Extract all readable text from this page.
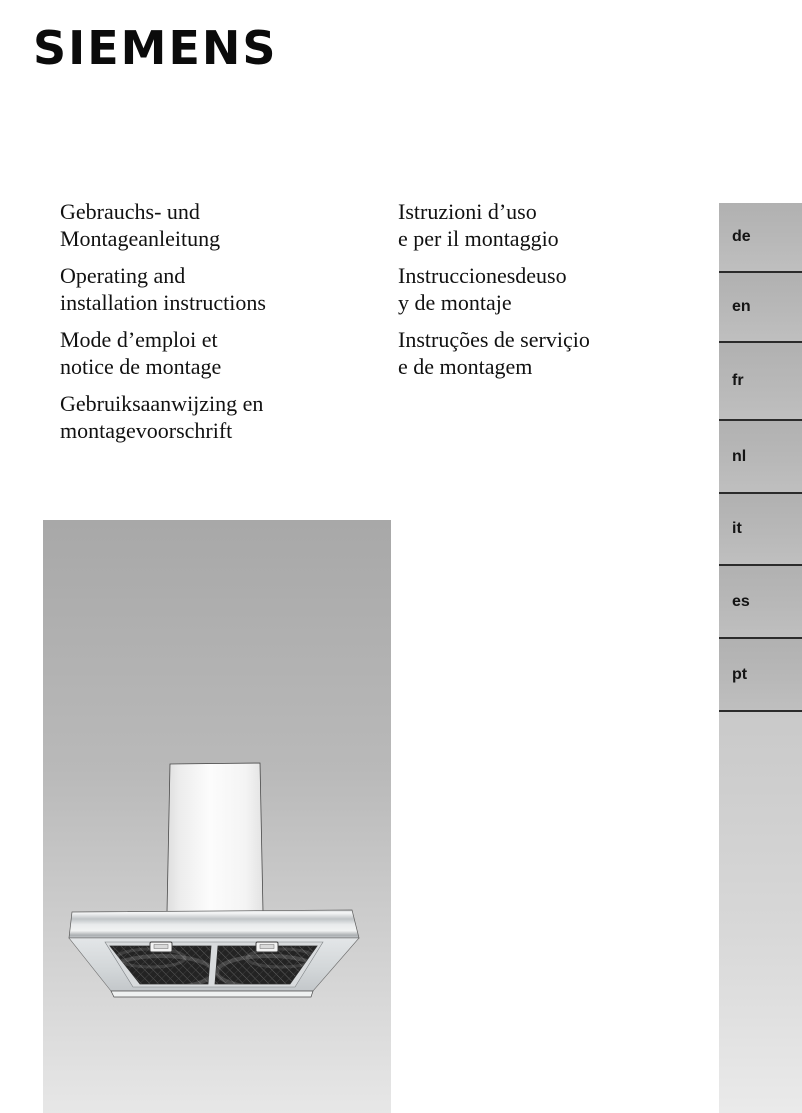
SIEMENS
Gebrauchs- und
Montageanleitung
Operating and
installation instructions
Mode d’emploi et
notice de montage
Gebruiksaanwijzing en
montagevoorschrift
Istruzioni d’uso
e per il montaggio
Instruccionesdeuso
y de montaje
Instruções de serviçio
e de montagem
de
en
fr
nl
it
es
pt
